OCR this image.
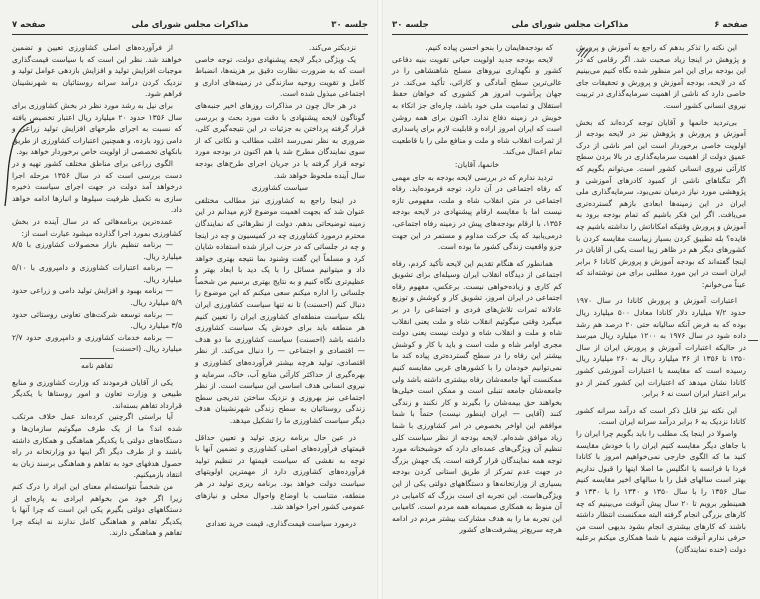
جلسه ۳۰
مذاکرات مجلس شورای ملی
صفحه ۷

نزدیکتر می‌کند.

یک ویژگی دیگر لایحه پیشنهادی دولت، توجه خاصی است که به ضرورت نظارت دقیق بر هزینه‌ها، انضباط کامل و تقویت روحیه سازندگی در زمینه‌های اداری و اجتماعی مبذول شده است.

در هر حال چون در مذاکرات روزهای اخیر جنبه‌های گوناگون لایحه پیشنهادی با دقت مورد بحث و بررسی قرار گرفته پرداختن به جزئیات در این نتیجه‌گیری کلی، ضروری به نظر نمی‌رسد اغلب مطالب و نکاتی که از سوی نمایندگان مطرح شد یا هم اکنون در بودجه مورد توجه قرار گرفته یا در جریان اجرای طرح‌های بودجه سال آینده ملحوظ خواهد شد.

سیاست کشاورزی

در اینجا راجع به کشاورزی نیز مطالب مختلفی عنوان شد که بجهت اهمیت موضوع لازم میدانم در این زمینه توضیحاتی بدهم. دولت از نظرهائی که نمایندگان محترم درمورد کشاورزی چه در کمیسیون و چه در اینجا و چه در جلساتی که در حزب ابراز شده استفاده شایان کرد و مسلماً این گفت وشنود بما نتیجه بهتری خواهد داد و میتوانیم مسائل را با یک دید با ابعاد بهتر و عظیم‌تری نگاه کنیم و به نتایج بهتری برسیم من شخصاً جلساتی را اداره میکنم سعی میکنم که این موضوع را دنبال کنم (احسنت) تا نه تنها سیاست کشاورزی ایران بلکه سیاست منطقه‌ای کشاورزی ایران را تعیین کنیم هر منطقه باید برای خودش یک سیاست کشاورزی داشته باشد (احسنت) سیاست کشاورزی ما دو هدف — اقتصادی و اجتماعی — را دنبال می‌کند. از نظر اقتصادی، تولید هرچه بیشتر فرآورده‌های کشاورزی و بهره‌گیری از حداکثر کارآئی منابع آب، خاک، سرمایه و نیروی انسانی هدف اساسی این سیاست است. از نظر اجتماعی نیز بهروزی و نزدیک ساختن تدریجی سطح زندگی روستائیان به سطح زندگی شهرنشینان هدف دیگر سیاست کشاورزی ما را تشکیل میدهد.

در عین حال برنامه ریزی تولید و تعیین حداقل قیمتهای فرآورده‌های اصلی کشاورزی و تضمین آنها با توجه به نقشی که سیاست قیمتها در تنظیم تولید فرآورده‌های کشاورزی دارد از مهمترین اولویتهای سیاست دولت خواهد بود. برنامه ریزی تولید در هر منطقه، متناسب با اوضاع واحوال محلی و نیازهای عمومی کشور اجرا خواهد شد.

درمورد سیاست قیمت‌گذاری، قیمت خرید تعدادی

از فرآورده‌های اصلی کشاورزی تعیین و تضمین خواهند شد. نظر این است که با سیاست قیمت‌گذاری موجبات افزایش تولید و افزایش بازدهی عوامل تولید و نزدیک کردن درآمد سرانه روستائیان به شهرنشینان فراهم شود.

برای نیل به رشد مورد نظر در بخش کشاورزی برای سال ۱۳۵۶ حدود ۲۰ میلیارد ریال اعتبار تخصیص یافته که نسبت به اجرای طرحهای افزایش تولید زراعی و دامی زود بازده، و همچنین اعتبارات کشاورزی از طریق بانکهای تخصصی از اولویت خاص برخوردار خواهد بود.

الگوی زراعی برای مناطق مختلف کشور تهیه و در دست بررسی است که در سال ۱۳۵۶ مرحله اجرا درخواهد آمد دولت در جهت اجرای سیاست ذخیره سازی به تکمیل ظرفیت سیلوها و انبارها ادامه خواهد داد.

عمده‌ترین برنامه‌هائی که در سال آینده در بخش کشاورزی بمورد اجرا گذارده میشود عبارت است از:

— برنامه تنظیم بازار محصولات کشاورزی با ۸/۵ میلیارد ریال.

— برنامه اعتبارات کشاورزی و دامپروری با ۵/۱۰ میلیارد ریال.

— برنامه بهبود و افزایش تولید دامی و زراعی حدود ۵/۹ میلیارد ریال.

— برنامه توسعه شرکت‌های تعاونی روستائی حدود ۳/۵ میلیارد ریال.

— برنامه خدمات کشاورزی و دامپروری حدود ۲/۷ میلیارد ریال. (احسنت)

تفاهم نامه

یکی از آقایان فرمودند که وزارت کشاورزی و منابع طبیعی و وزارت تعاون و امور روستاها با یکدیگر قرارداد تفاهم بسته‌اند.

آیا براستی اگرچنین کرده‌اند عمل خلاف مرتکب شده اند؟ ما از یک طرف میگوئیم سازمان‌ها و دستگاه‌های دولتی با یکدیگر هماهنگی و همکاری داشته باشند و از طرف دیگر اگر اینها دو وزارتخانه در راه حصول هدفهای خود به تفاهم و هماهنگی برسند زبان به انتقاد بازمیکنیم.

من شخصاً نتوانسته‌ام معنای این ایراد را درک کنم زیرا اگر خود من بخواهم ایرادی به پاره‌ای از دستگاههای دولتی بگیرم یکی این است که چرا آنها با یکدیگر تفاهم و هماهنگی کامل ندارند نه اینکه چرا تفاهم و هماهنگی دارند.

صفحه ۶
مذاکرات مجلس شورای ملی
جلسه ۳۰

این نکته را تذکر بدهم که راجع به آموزش و پرورش و پژوهش در اینجا زیاد صحبت شد. اگر رقامی که در این بودجه برای این امر منظور شده نگاه کنیم می‌بینیم که در لایحه، بودجه آموزش و پرورش و تحقیقات جای خاصی دارد که ناشی از اهمیت سرمایه‌گذاری در تربیت نیروی انسانی کشور است.

بی‌تردید خانمها و آقایان توجه کرده‌اند که بخش آموزش و پرورش و پژوهش نیز در لایحه بودجه از اولویت خاصی برخوردار است این امر ناشی از درک عمیق دولت از اهمیت سرمایه‌گذاری در بالا بردن سطح کارآئی نیروی انسانی کشور است. می‌توانم بگویم که اگر تنگناهای ناشی از کمبود کادرهای آموزشی و پژوهشی مورد نیاز درمیان نمی‌بود، سرمایه‌گذاری ملی ایران در این زمینه‌ها ابعادی بازهم گسترده‌تری می‌یافت. اگر این فکر باشیم که تمام بودجه برود به آموزش و پرورش وقتیکه امکاناتش را نداشته باشیم چه فایده؟ بله تطبیق کردن بسیار زیباست مقایسه کردن با کشورهای دیگر هم در ظاهر زیبا است یکی از آقایان در اینجا گفته‌اند که بودجه آموزش و پرورش کانادا ۶ برابر ایران است در این مورد مطلبی برای من نوشته‌اند که عیناً می‌خوانم:

اعتبارات آموزش و پرورش کانادا در سال ۱۹۷۰ حدود ۷/۲ میلیارد دلار کانادا معادل ۵۰۰ میلیارد ریال بوده که به فرض آنکه سالیانه حتی ۲۰ درصد هم رشد داده شود در سال ۱۹۷۶ به ۱۲۰۰ میلیارد ریال میرسد در حالیکه اعتبارات آموزش و پرورش ایران از سال ۱۳۵۰ تا ۱۳۵۶ از ۳۶ میلیارد ریال به ۲۶۰ میلیارد ریال رسیده است که مقایسه با اعتبارات آموزشی کشور کانادا نشان میدهد که اعتبارات این کشور کمتر از دو برابر اعتبار ایران است نه ۶ برابر.

این نکته نیز قابل ذکر است که درآمد سرانه کشور کانادا نزدیک به ۶ برابر درآمد سرانه ایران است.

واصولا در اینجا یک مطلب را باید بگویم چرا ایران را با جاهای دیگر مقایسه کنیم ایران را با خودش مقایسه کنید ما که الگوی خارجی نمی‌خواهیم امروز با کانادا فردا با فرانسه یا انگلیس ما اصلا اینها را قبول نداریم بهتر است سالهای قبل را با سالهای اخیر مقایسه کنیم سال ۱۳۵۶ را با سال ۱۳۵۰ و ۱۳۴۰ را با ۱۳۳۰ و همینطور برویم تا ۲۰ سال پیش آنوقت می‌بینیم که چه کارهای بزرگی انجام گرفته البته ممکنست انتظار داشته باشند که کارهای بیشتری انجام بشود بدیهی است من حرفی ندارم آنوقت منهم با شما همکاری میکنم برعلیه دولت (خنده نمایندگان)

که بودجه‌هایمان را بنحو احسن پیاده کنیم.

لایحه بودجه جدید اولویت حیاتی تقویت بنیه دفاعی کشور و نگهداری نیروهای مسلح شاهنشاهی را در عالی‌ترین سطح آمادگی و کارائی، تأکید می‌کند. در جهان پرآشوب امروز هر کشوری که خواهان حفظ استقلال و تمامیت ملی خود باشد، چاره‌ای جز اتکاء به خویش در زمینه دفاع ندارد. اکنون برای همه روشن است که ایران امروز اراده و قابلیت لازم برای پاسداری از ثمرات انقلاب شاه و ملت و منافع ملی را با قاطعیت تمام اعمال می‌کند.

خانمها، آقایان:

تردید ندارم که در بررسی لایحه بودجه به جای مهمی که رفاه اجتماعی در آن دارد، توجه فرموده‌اید. رفاه اجتماعی در متن انقلاب شاه و ملت، مفهومی تازه نیست اما با مقایسه ارقام پیشنهادی در لایحه بودجه ۱۳۵۶، با ارقام بودجه‌های پیش در زمینه رفاه اجتماعی، درمی‌یابید که یک حرکت مداوم و مستمر در این جهت جزو واقعیت زندگی کشور ما بوده است.

همانطور که هنگام تقدیم این لایحه تأکید کردم، رفاه اجتماعی از دیدگاه انقلاب ایران وسیله‌ای برای تشویق کم کاری و زیاده‌خواهی نیست. برعکس، مفهوم رفاه اجتماعی در ایران امروز، تشویق کار و کوشش و توزیع عادلانه ثمرات تلاش‌های فردی و اجتماعی را در بر میگیرد وقتی میگوئیم انقلاب شاه و ملت یعنی انقلاب شاه و ملت و انقلاب شاه و دولت نیست یعنی دولت مجری اوامر شاه و ملت است و باید با کار و کوشش بیشتر این رفاه را در سطح گسترده‌تری پیاده کند ما نمی‌توانیم خودمان را با کشورهای غربی مقایسه کنیم ممکنست آنها جامعه‌شان رفاه بیشتری داشته باشد ولی جامعه‌شان جامعه تنبلی است و ممکن است خیلی‌ها بخواهند حق بیمه‌شان را بگیرند و کار نکنند و زندگی کنند (آقایی — ایران اینطور نیست) حتماً با شما موافقم این اواخر بخصوص در امر کشاورزی با شما زیاد موافق شده‌ام. لایحه بودجه از نظر سیاست کلی تنظیم آن ویژگی‌های عمده‌ای دارد که خوشبختانه مورد توجه همه نمایندگان قرار گرفته است. یک جهش بزرگ در جهت عدم تمرکز از طریق استانی کردن بودجه بسیاری از وزارتخانه‌ها و دستگاههای دولتی یکی از این ویژگی‌هاست. این تجربه ای است بزرگ که کامیابی در آن منوط به همکاری صمیمانه همه مردم است. کامیابی این تجربه ما را به هدف مشارکت بیشتر مردم در ادامه هرچه سریع‌تر پیشرفت‌های کشور
